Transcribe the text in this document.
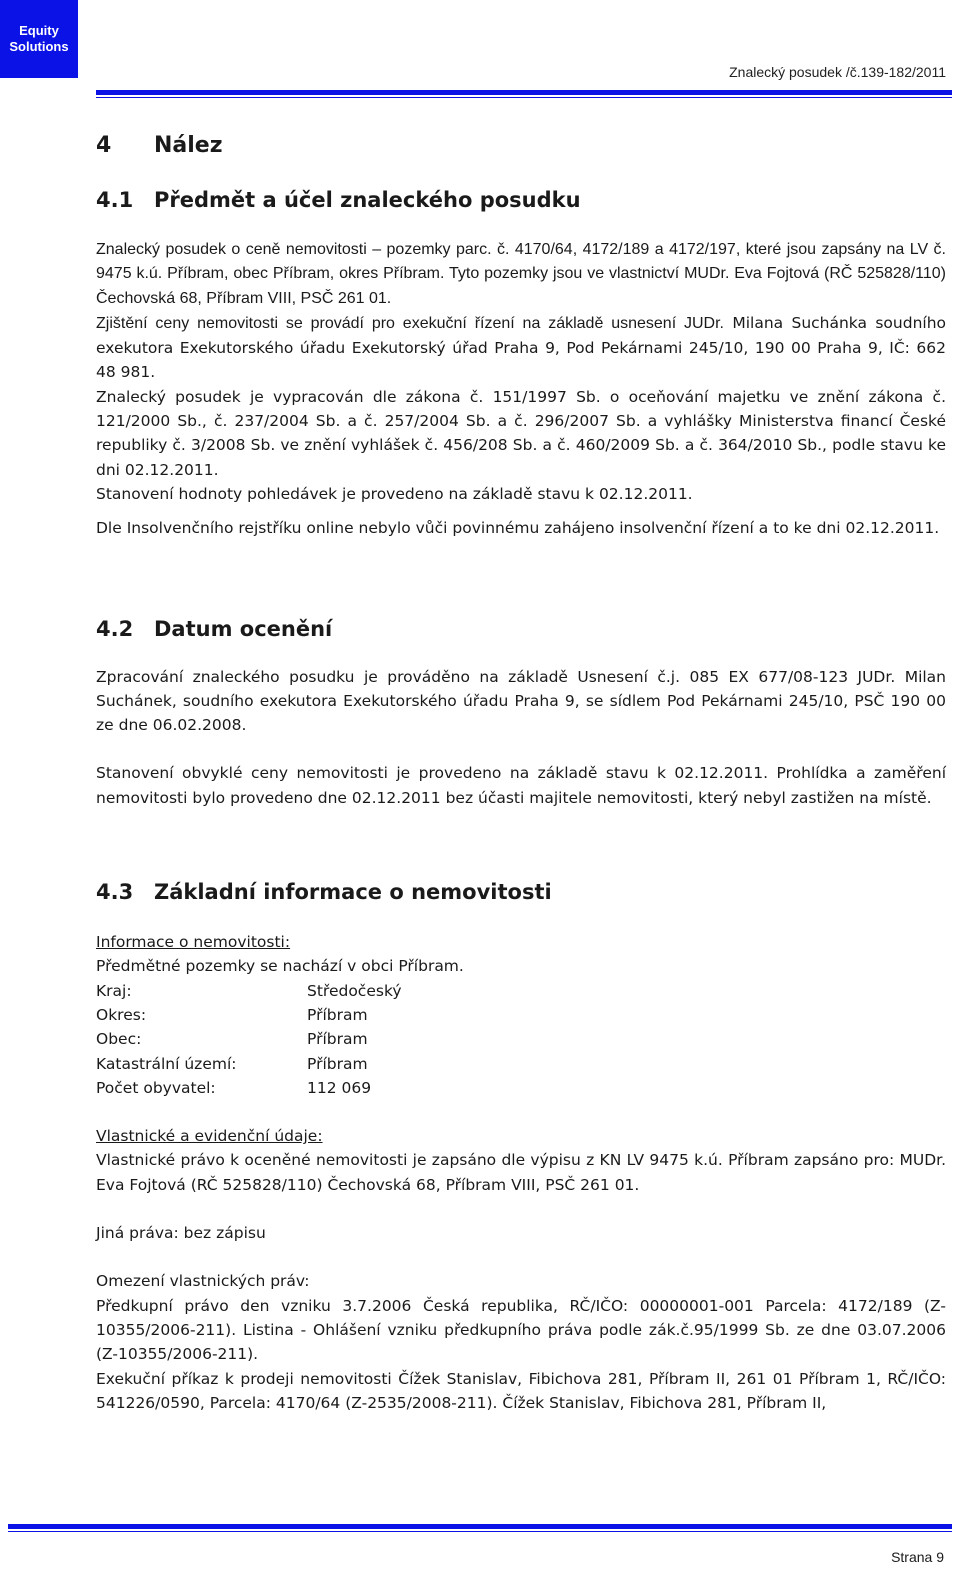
Equity
Solutions
Znalecký posudek /č.139-182/2011
4 Nález
4.1 Předmět a účel znaleckého posudku

Znalecký posudek o ceně nemovitosti – pozemky parc. č. 4170/64, 4172/189 a 4172/197, které jsou zapsány na LV č. 9475 k.ú. Příbram, obec Příbram, okres Příbram. Tyto pozemky jsou ve vlastnictví MUDr. Eva Fojtová (RČ 525828/110) Čechovská 68, Příbram VIII, PSČ 261 01.

Zjištění ceny nemovitosti se provádí pro exekuční řízení na základě usnesení JUDr. Milana Suchánka soudního exekutora Exekutorského úřadu Exekutorský úřad Praha 9, Pod Pekárnami 245/10, 190 00 Praha 9, IČ: 662 48 981.

Znalecký posudek je vypracován dle zákona č. 151/1997 Sb. o oceňování majetku ve znění zákona č. 121/2000 Sb., č. 237/2004 Sb. a č. 257/2004 Sb. a č. 296/2007 Sb. a vyhlášky Ministerstva financí České republiky č. 3/2008 Sb. ve znění vyhlášek č. 456/208 Sb. a č. 460/2009 Sb. a č. 364/2010 Sb., podle stavu ke dni 02.12.2011.

Stanovení hodnoty pohledávek je provedeno na základě stavu k 02.12.2011.

Dle Insolvenčního rejstříku online nebylo vůči povinnému zahájeno insolvenční řízení a to ke dni 02.12.2011.

4.2 Datum ocenění

Zpracování znaleckého posudku je prováděno na základě Usnesení č.j. 085 EX 677/08-123 JUDr. Milan Suchánek, soudního exekutora Exekutorského úřadu Praha 9, se sídlem Pod Pekárnami 245/10, PSČ 190 00 ze dne 06.02.2008.

Stanovení obvyklé ceny nemovitosti je provedeno na základě stavu k 02.12.2011. Prohlídka a zaměření nemovitosti bylo provedeno dne 02.12.2011 bez účasti majitele nemovitosti, který nebyl zastižen na místě.

4.3 Základní informace o nemovitosti

Informace o nemovitosti:

Předmětné pozemky se nachází v obci Příbram.

Kraj:	Středočeský
Okres:	Příbram
Obec:	Příbram
Katastrální území:	Příbram
Počet obyvatel:	112 069

Vlastnické a evidenční údaje:

Vlastnické právo k oceněné nemovitosti je zapsáno dle výpisu z KN LV 9475 k.ú. Příbram zapsáno pro: MUDr. Eva Fojtová (RČ 525828/110) Čechovská 68, Příbram VIII, PSČ 261 01.

Jiná práva: bez zápisu

Omezení vlastnických práv:

Předkupní právo den vzniku 3.7.2006 Česká republika, RČ/IČO: 00000001-001 Parcela: 4172/189 (Z-10355/2006-211). Listina - Ohlášení vzniku předkupního práva podle zák.č.95/1999 Sb. ze dne 03.07.2006 (Z-10355/2006-211).

Exekuční příkaz k prodeji nemovitosti Čížek Stanislav, Fibichova 281, Příbram II, 261 01 Příbram 1, RČ/IČO: 541226/0590, Parcela: 4170/64 (Z-2535/2008-211). Čížek Stanislav, Fibichova 281, Příbram II,

Strana 9
